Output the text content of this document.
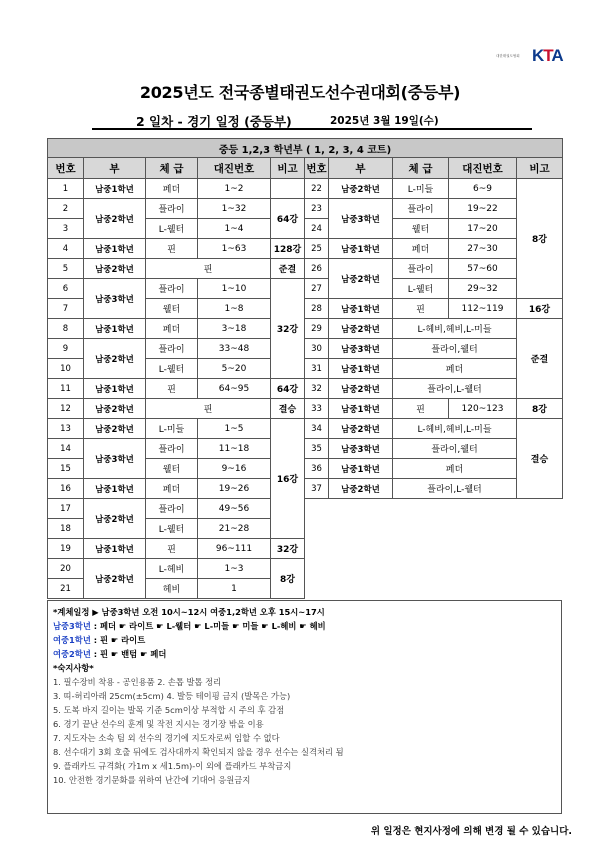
대한태권도협회 KTA
2025년도 전국종별태권도선수권대회(중등부)
2 일차 - 경기 일정 (중등부)	2025년 3월 19일(수)
중등 1,2,3 학년부 ( 1, 2, 3, 4 코트)									
번호	부	체 급	대진번호	비고	번호	부	체 급	대진번호	비고
1	남중1학년	페더	1~2		22	남중2학년	L-미들	6~9	8강
2	남중2학년	플라이	1~32	64강	23	남중3학년	플라이	19~22	
3		L-웰터	1~4		24		웰터	17~20	
4	남중1학년	핀	1~63	128강	25	남중1학년	페더	27~30	
5	남중2학년	핀		준결	26	남중2학년	플라이	57~60	
6	남중3학년	플라이	1~10	32강	27		L-웰터	29~32	
7		웰터	1~8		28	남중1학년	핀	112~119	16강
8	남중1학년	페더	3~18		29	남중2학년	L-헤비,헤비,L-미들		준결
9	남중2학년	플라이	33~48		30	남중3학년	플라이,웰터		
10		L-웰터	5~20		31	남중1학년	페더		
11	남중1학년	핀	64~95	64강	32	남중2학년	플라이,L-웰터		
12	남중2학년	핀		결승	33	남중1학년	핀	120~123	8강
13	남중2학년	L-미들	1~5	16강	34	남중2학년	L-헤비,헤비,L-미들		결승
14	남중3학년	플라이	11~18		35	남중3학년	플라이,웰터		
15		웰터	9~16		36	남중1학년	페더		
16	남중1학년	페더	19~26		37	남중2학년	플라이,L-웰터		
17	남중2학년	플라이	49~56						
18		L-웰터	21~28						
19	남중1학년	핀	96~111	32강					
20	남중2학년	L-헤비	1~3	8강					
21		헤비	1						
*계체일정 ▶ 남중3학년 오전 10시~12시 여중1,2학년 오후 15시~17시
남중3학년 : 페더 ☛ 라이트 ☛ L-웰터 ☛ L-미들 ☛ 미들 ☛ L-헤비 ☛ 헤비
여중1학년 : 핀 ☛ 라이트
여중2학년 : 핀 ☛ 밴텀 ☛ 페더
*숙지사항*
1. 필수장비 착용 - 공인용품 2. 손톱 발톱 정리
3. 띠-허리아래 25cm(±5cm) 4. 발등 테이핑 금지 (발목은 가능)
5. 도복 바지 길이는 발목 기준 5cm이상 부적합 시 주의 후 감점
6. 경기 끝난 선수의 훈계 및 작전 지시는 경기장 밖을 이용
7. 지도자는 소속 팀 외 선수의 경기에 지도자로써 임할 수 없다
8. 선수대기 3회 호출 뒤에도 검사대까지 확인되지 않을 경우 선수는 실격처리 됨
9. 플래카드 규격화( 가1m x 세1.5m)-이 외에 플래카드 부착금지
10. 안전한 경기문화를 위하여 난간에 기대어 응원금지
위 일정은 현지사정에 의해 변경 될 수 있습니다.
